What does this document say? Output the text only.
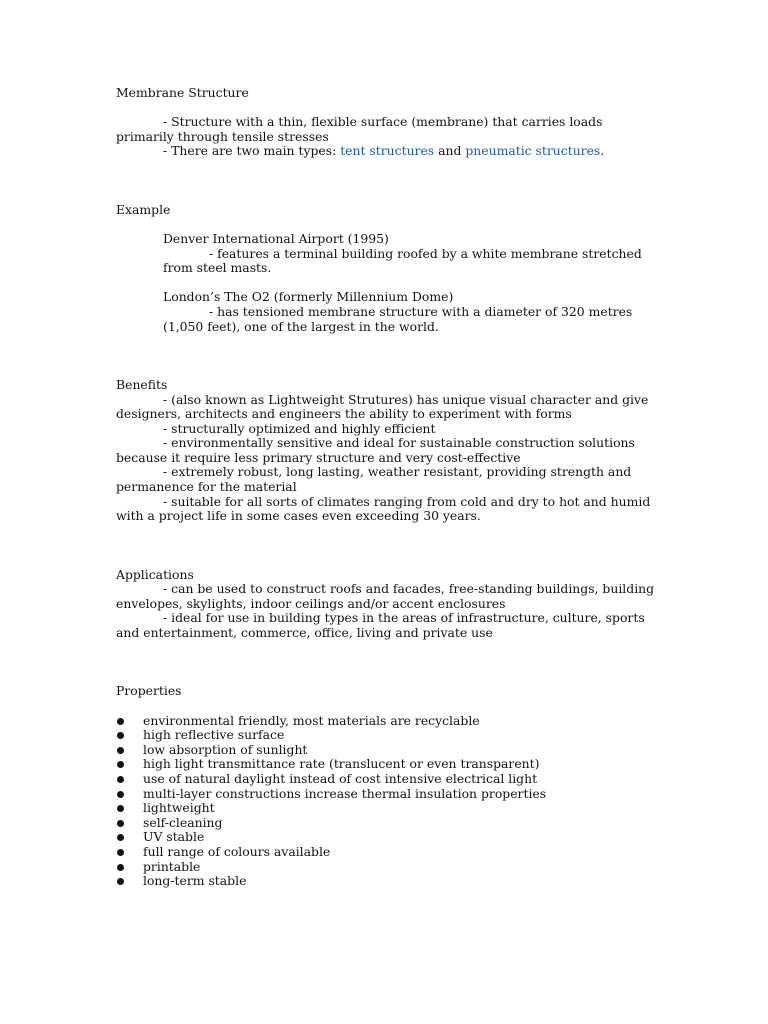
Membrane Structure

- Structure with a thin, flexible surface (membrane) that carries loads primarily through tensile stresses

- There are two main types: tent structures and pneumatic structures.

Example

Denver International Airport (1995)

- features a terminal building roofed by a white membrane stretched from steel masts.

London’s The O2 (formerly Millennium Dome)

- has tensioned membrane structure with a diameter of 320 metres (1,050 feet), one of the largest in the world.

Benefits

- (also known as Lightweight Strutures) has unique visual character and give designers, architects and engineers the ability to experiment with forms

- structurally optimized and highly efficient

- environmentally sensitive and ideal for sustainable construction solutions because it require less primary structure and very cost-effective

- extremely robust, long lasting, weather resistant, providing strength and permanence for the material

- suitable for all sorts of climates ranging from cold and dry to hot and humid with a project life in some cases even exceeding 30 years.

Applications

- can be used to construct roofs and facades, free-standing buildings, building envelopes, skylights, indoor ceilings and/or accent enclosures

- ideal for use in building types in the areas of infrastructure, culture, sports and entertainment, commerce, office, living and private use

Properties

environmental friendly, most materials are recyclable
high reflective surface
low absorption of sunlight
high light transmittance rate (translucent or even transparent)
use of natural daylight instead of cost intensive electrical light
multi-layer constructions increase thermal insulation properties
lightweight
self-cleaning
UV stable
full range of colours available
printable
long-term stable
